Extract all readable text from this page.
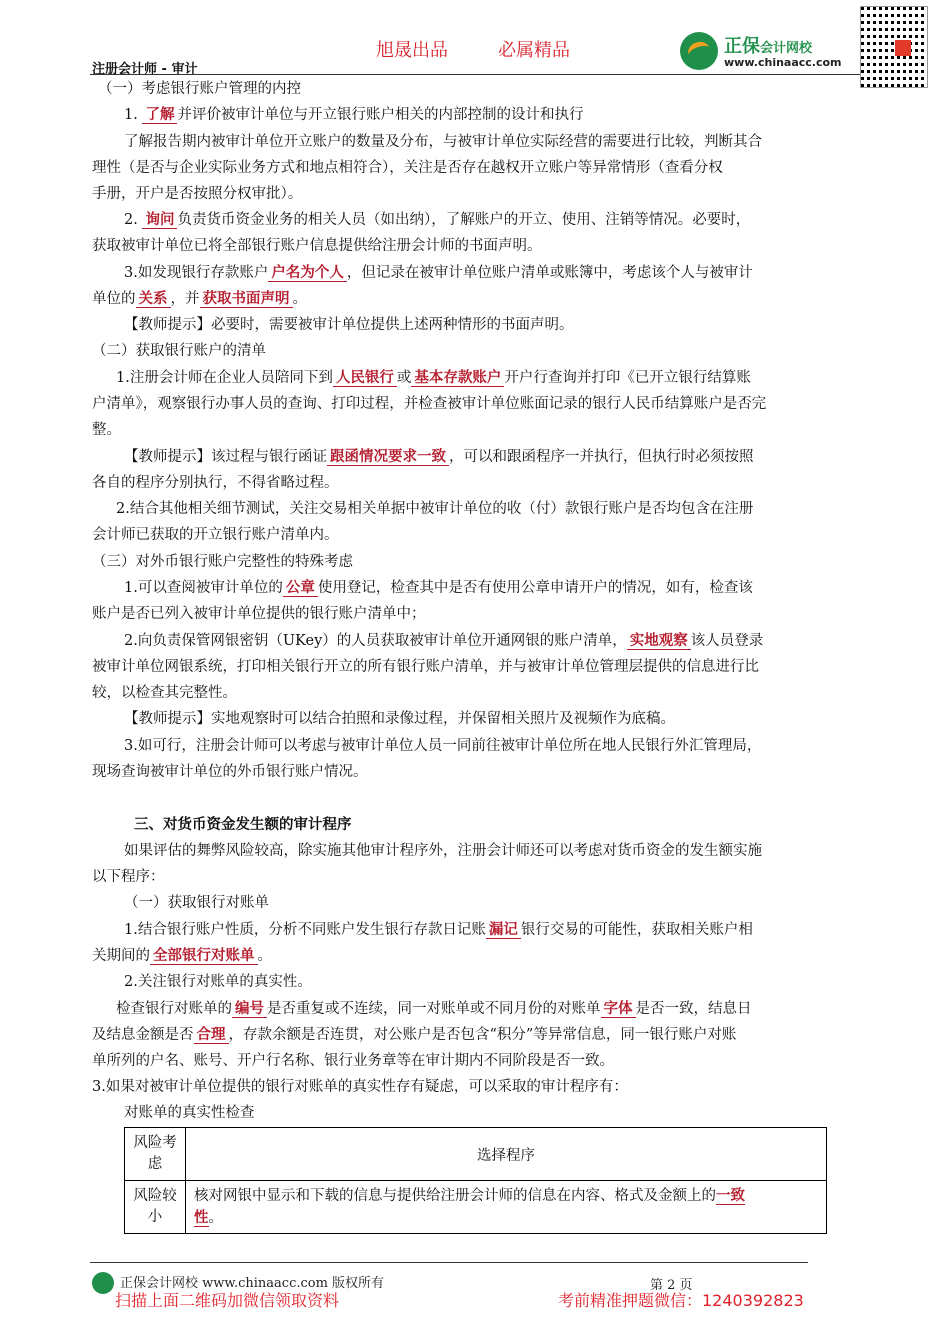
旭晟出品	必属精品
注册会计师 - 审计
正保会计网校
www.chinaacc.com
（一）考虑银行账户管理的内控
1. 了解 并评价被审计单位与开立银行账户相关的内部控制的设计和执行
了解报告期内被审计单位开立账户的数量及分布，与被审计单位实际经营的需要进行比较，判断其合
理性（是否与企业实际业务方式和地点相符合），关注是否存在越权开立账户等异常情形（查看分权
手册，开户是否按照分权审批）。
2. 询问 负责货币资金业务的相关人员（如出纳），了解账户的开立、使用、注销等情况。必要时，
获取被审计单位已将全部银行账户信息提供给注册会计师的书面声明。
3.如发现银行存款账户 户名为个人 ，但记录在被审计单位账户清单或账簿中，考虑该个人与被审计
单位的 关系 ，并 获取书面声明 。
【教师提示】必要时，需要被审计单位提供上述两种情形的书面声明。
（二）获取银行账户的清单
1.注册会计师在企业人员陪同下到 人民银行 或 基本存款账户 开户行查询并打印《已开立银行结算账
户清单》，观察银行办事人员的查询、打印过程，并检查被审计单位账面记录的银行人民币结算账户是否完
整。
【教师提示】该过程与银行函证 跟函情况要求一致 ，可以和跟函程序一并执行，但执行时必须按照
各自的程序分别执行，不得省略过程。
2.结合其他相关细节测试，关注交易相关单据中被审计单位的收（付）款银行账户是否均包含在注册
会计师已获取的开立银行账户清单内。
（三）对外币银行账户完整性的特殊考虑
1.可以查阅被审计单位的 公章 使用登记，检查其中是否有使用公章申请开户的情况，如有，检查该
账户是否已列入被审计单位提供的银行账户清单中；
2.向负责保管网银密钥（UKey）的人员获取被审计单位开通网银的账户清单， 实地观察 该人员登录
被审计单位网银系统，打印相关银行开立的所有银行账户清单，并与被审计单位管理层提供的信息进行比
较，以检查其完整性。
【教师提示】实地观察时可以结合拍照和录像过程，并保留相关照片及视频作为底稿。
3.如可行，注册会计师可以考虑与被审计单位人员一同前往被审计单位所在地人民银行外汇管理局，
现场查询被审计单位的外币银行账户情况。
三、对货币资金发生额的审计程序
如果评估的舞弊风险较高，除实施其他审计程序外，注册会计师还可以考虑对货币资金的发生额实施
以下程序：
（一）获取银行对账单
1.结合银行账户性质，分析不同账户发生银行存款日记账 漏记 银行交易的可能性，获取相关账户相
关期间的 全部银行对账单 。
2.关注银行对账单的真实性。
检查银行对账单的 编号 是否重复或不连续，同一对账单或不同月份的对账单 字体 是否一致，结息日
及结息金额是否 合理 ，存款余额是否连贯，对公账户是否包含“积分”等异常信息，同一银行账户对账
单所列的户名、账号、开户行名称、银行业务章等在审计期内不同阶段是否一致。
3.如果对被审计单位提供的银行对账单的真实性存有疑虑，可以采取的审计程序有：
对账单的真实性检查
风险考虑	选择程序
风险较小	核对网银中显示和下载的信息与提供给注册会计师的信息在内容、格式及金额上的一致
性。
正保会计网校 www.chinaacc.com 版权所有	第 2 页
扫描上面二维码加微信领取资料	考前精准押题微信：1240392823
